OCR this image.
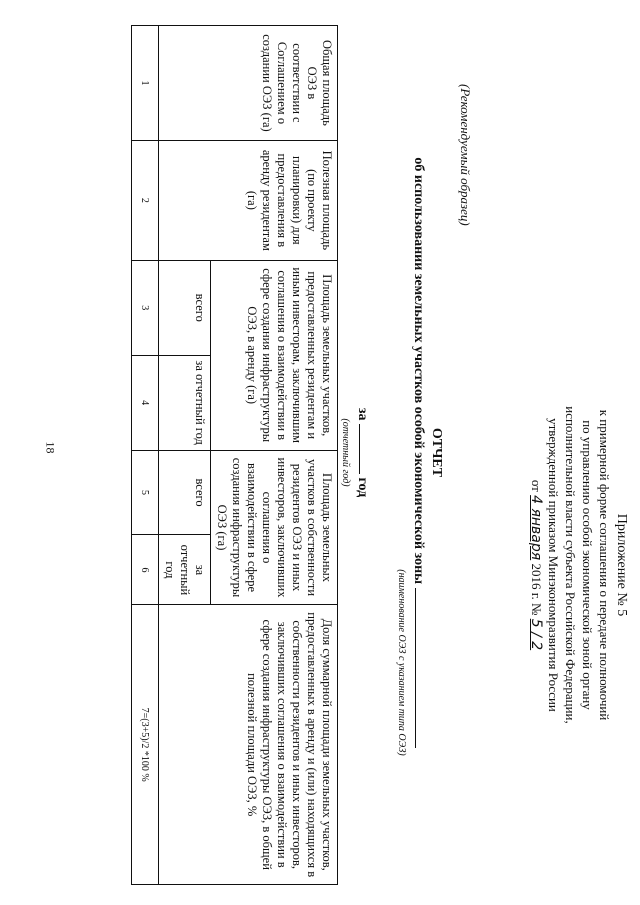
18
Приложение № 5
к примерной форме соглашения о передаче полномочий
по управлению особой экономической зоной органу
исполнительной власти субъекта Российской Федерации,
утвержденной приказом Минэкономразвития России
от 4 января 2016 г. № 5 / 2
(Рекомендуемый образец)
ОТЧЕТ
об использовании земельных участков особой экономической зоны
(наименование ОЭЗ с указанием типа ОЭЗ)
за  год
(отчетный год)
Общая площадь ОЭЗ в соответствии с Соглашением о создании ОЭЗ (га)	Полезная площадь (по проекту планировки) для предоставления в аренду резидентам (га)	Площадь земельных участков, предоставленных резидентам и иным инвесторам, заключившим соглашения о взаимодействии в сфере создания инфраструктуры ОЭЗ, в аренду (га)		Площадь земельных участков в собственности резидентов ОЭЗ и иных инвесторов, заключивших соглашения о взаимодействии в сфере создания инфраструктуры ОЭЗ (га)		Доля суммарной площади земельных участков, предоставленных в аренду и (или) находящихся в собственности резидентов и иных инвесторов, заключивших соглашения о взаимодействии в сфере создания инфраструктуры ОЭЗ, в общей полезной площади ОЭЗ, %
		всего	за отчетный год	всего	за отчетный год	
1	2	3	4	5	6	7=(3+5)/2 *100 %
